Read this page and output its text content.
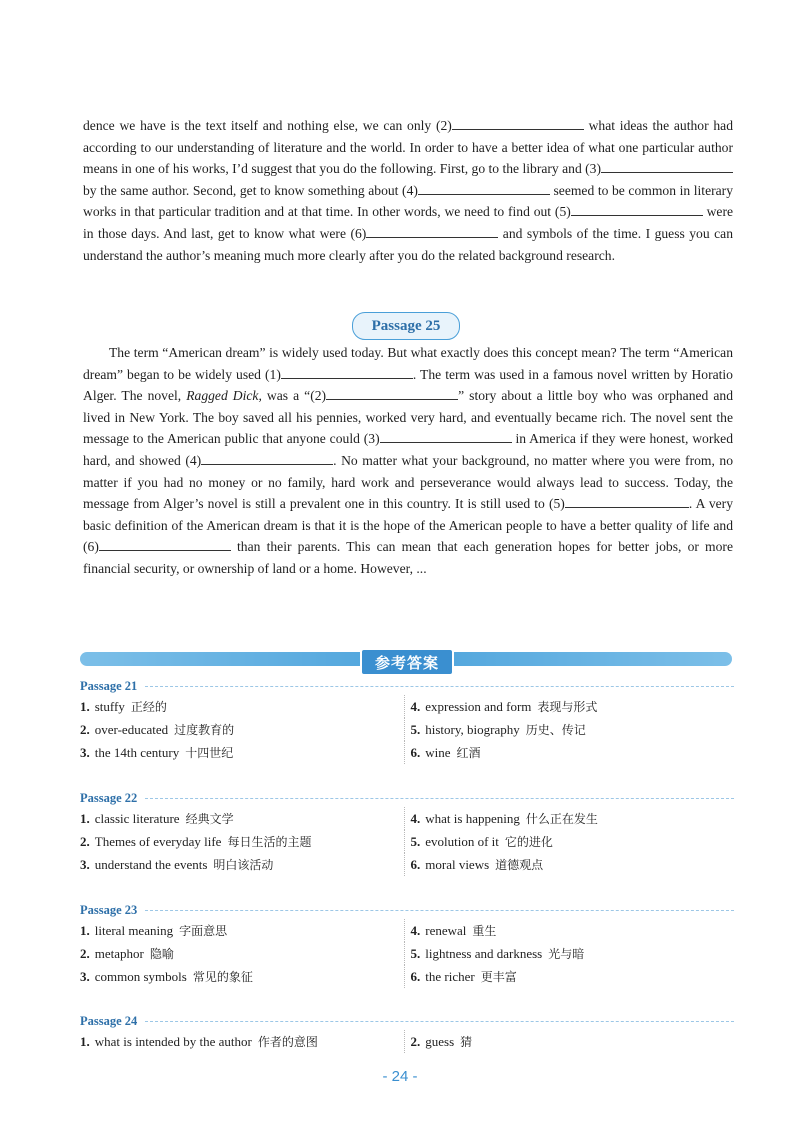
dence we have is the text itself and nothing else, we can only (2)	what ideas the author had according to our understanding of literature and the world. In order to have a better idea of what one particular author means in one of his works, I’d suggest that you do the following. First, go to the library and (3) by the same author. Second, get to know something about (4)	seemed to be common in literary works in that particular tradition and at that time. In other words, we need to find out (5)	were in those days. And last, get to know what were (6)	and symbols of the time. I guess you can understand the author’s meaning much more clearly after you do the related background research.

Passage 25

The term “American dream” is widely used today. But what exactly does this concept mean? The term “American dream” began to be widely used (1)	. The term was used in a famous novel written by Horatio Alger. The novel, Ragged Dick, was a “(2)	” story about a little boy who was orphaned and lived in New York. The boy saved all his pennies, worked very hard, and eventually became rich. The novel sent the message to the American public that anyone could (3)	in America if they were honest, worked hard, and showed (4)	. No matter what your background, no matter where you were from, no matter if you had no money or no family, hard work and perseverance would always lead to success. Today, the message from Alger’s novel is still a prevalent one in this country. It is still used to (5)	. A very basic definition of the American dream is that it is the hope of the American people to have a better quality of life and (6)	than their parents. This can mean that each generation hopes for better jobs, or more financial security, or ownership of land or a home. However, ...

参考答案
Passage 21
1. stuffy 正经的	4. expression and form 表现与形式
2. over-educated 过度教育的	5. history, biography 历史、传记
3. the 14th century 十四世纪	6. wine 红酒
Passage 22
1. classic literature 经典文学	4. what is happening 什么正在发生
2. Themes of everyday life 每日生活的主题	5. evolution of it 它的进化
3. understand the events 明白该活动	6. moral views 道德观点
Passage 23
1. literal meaning 字面意思	4. renewal 重生
2. metaphor 隐喻	5. lightness and darkness 光与暗
3. common symbols 常见的象征	6. the richer 更丰富
Passage 24
1. what is intended by the author 作者的意图	2. guess 猜
- 24 -
